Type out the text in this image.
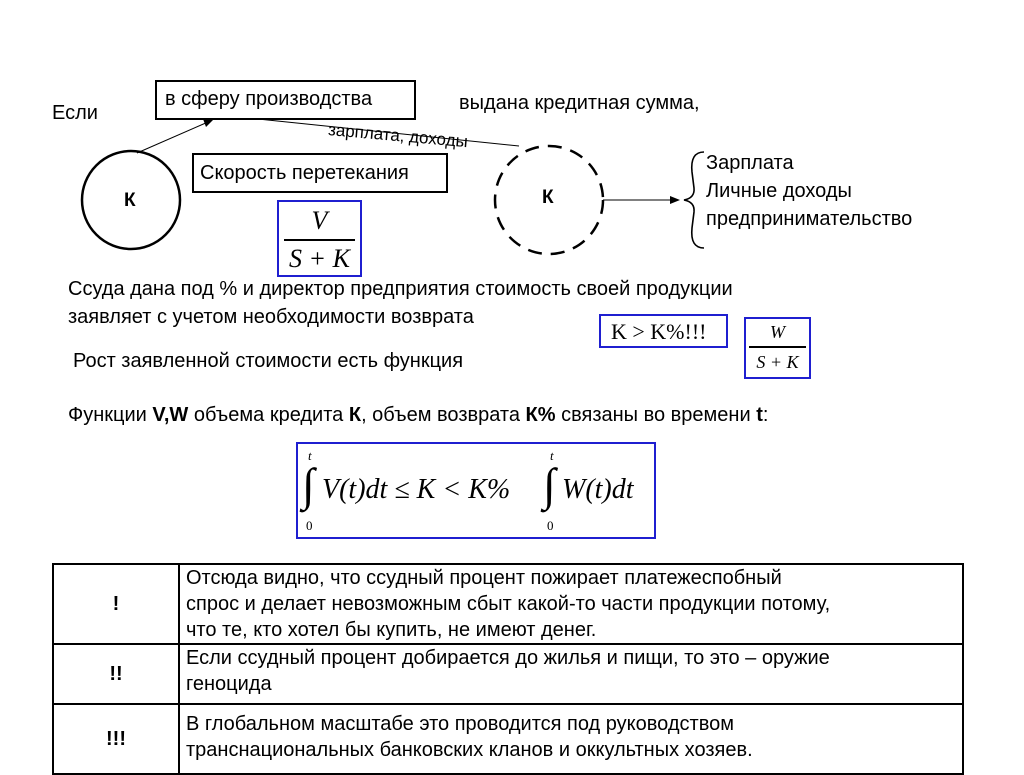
Если
в сферу производства	выдана кредитная сумма,
зарплата, доходы
Скорость перетекания
К	К
Зарплата
Личные доходы
предпринимательство
V
S + K
Ссуда дана под % и директор предприятия стоимость своей продукции
заявляет с учетом необходимости возврата
K > K%!!!
Рост заявленной стоимости есть функция
W
S + K
Функции V,W объема кредита К, объем возврата К% связаны во времени t:
t
∫
0
V(t)dt ≤ K < K%
t
∫
0
W(t)dt
!	Отсюда видно, что ссудный процент пожирает платежеспобный
спрос и делает невозможным сбыт какой-то части продукции потому,
что те, кто хотел бы купить, не имеют денег.

!!	Если ссудный процент добирается до жилья и пищи, то это – оружие
геноцида

!!!	В глобальном масштабе это проводится под руководством
транснациональных банковских кланов и оккультных хозяев.
